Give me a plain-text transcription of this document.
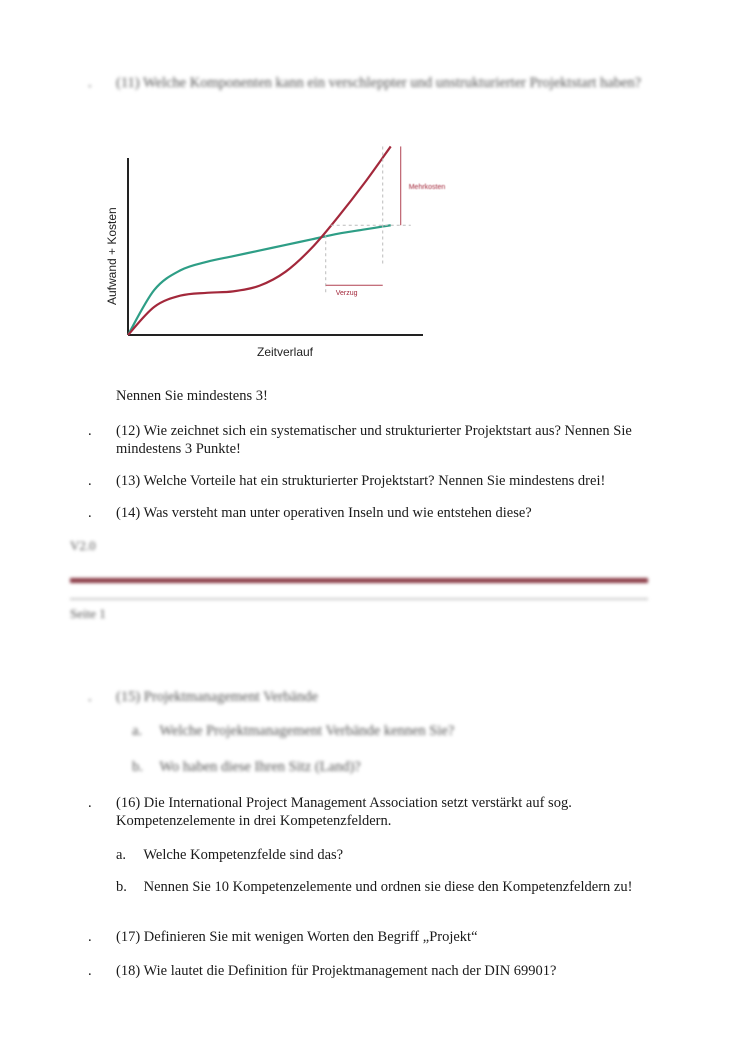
. (11) Welche Komponenten kann ein verschleppter und unstrukturierter Projektstart haben?
Mehrkosten
Verzug
Aufwand + Kosten
Zeitverlauf
Nennen Sie mindestens 3!
. (12) Wie zeichnet sich ein systematischer und strukturierter Projektstart aus? Nennen Sie mindestens 3 Punkte!
. (13) Welche Vorteile hat ein strukturierter Projektstart? Nennen Sie mindestens drei!
. (14) Was versteht man unter operativen Inseln und wie entstehen diese?
V2.0
Seite 1
. (15) Projektmanagement Verbände
a. Welche Projektmanagement Verbände kennen Sie?
b. Wo haben diese Ihren Sitz (Land)?
. (16) Die International Project Management Association setzt verstärkt auf sog. Kompetenzelemente in drei Kompetenzfeldern.
a. Welche Kompetenzfelde sind das?
b. Nennen Sie 10 Kompetenzelemente und ordnen sie diese den Kompetenzfeldern zu!
. (17) Definieren Sie mit wenigen Worten den Begriff „Projekt“
. (18) Wie lautet die Definition für Projektmanagement nach der DIN 69901?
